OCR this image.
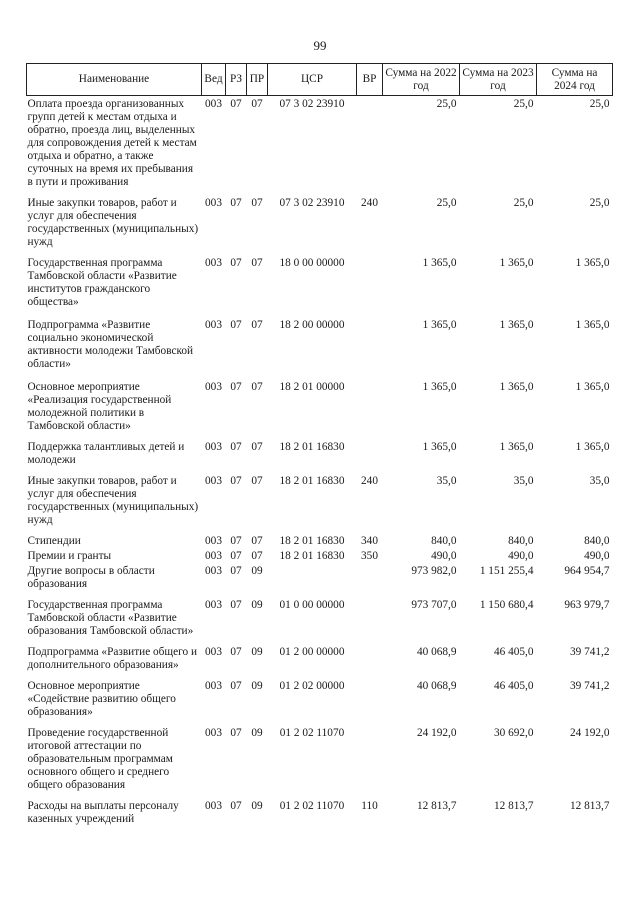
99
Наименование	Вед	РЗ	ПР	ЦСР	ВР	Сумма на 2022 год	Сумма на 2023 год	Сумма на 2024 год
Оплата проезда организованных групп детей к местам отдыха и обратно, проезда лиц, выделенных для сопровождения детей к местам отдыха и обратно, а также суточных на время их пребывания в пути и проживания	003	07	07	07 3 02 23910		25,0	25,0	25,0
Иные закупки товаров, работ и услуг для обеспечения государственных (муниципальных) нужд	003	07	07	07 3 02 23910	240	25,0	25,0	25,0
Государственная программа Тамбовской области «Развитие институтов гражданского общества»	003	07	07	18 0 00 00000		1 365,0	1 365,0	1 365,0
Подпрограмма «Развитие социально экономической активности молодежи Тамбовской области»	003	07	07	18 2 00 00000		1 365,0	1 365,0	1 365,0
Основное мероприятие «Реализация государственной молодежной политики в Тамбовской области»	003	07	07	18 2 01 00000		1 365,0	1 365,0	1 365,0
Поддержка талантливых детей и молодежи	003	07	07	18 2 01 16830		1 365,0	1 365,0	1 365,0
Иные закупки товаров, работ и услуг для обеспечения государственных (муниципальных) нужд	003	07	07	18 2 01 16830	240	35,0	35,0	35,0
Стипендии	003	07	07	18 2 01 16830	340	840,0	840,0	840,0
Премии и гранты	003	07	07	18 2 01 16830	350	490,0	490,0	490,0
Другие вопросы в области образования	003	07	09			973 982,0	1 151 255,4	964 954,7
Государственная программа Тамбовской области «Развитие образования Тамбовской области»	003	07	09	01 0 00 00000		973 707,0	1 150 680,4	963 979,7
Подпрограмма «Развитие общего и дополнительного образования»	003	07	09	01 2 00 00000		40 068,9	46 405,0	39 741,2
Основное мероприятие «Содействие развитию общего образования»	003	07	09	01 2 02 00000		40 068,9	46 405,0	39 741,2
Проведение государственной итоговой аттестации по образовательным программам основного общего и среднего общего образования	003	07	09	01 2 02 11070		24 192,0	30 692,0	24 192,0
Расходы на выплаты персоналу казенных учреждений	003	07	09	01 2 02 11070	110	12 813,7	12 813,7	12 813,7
